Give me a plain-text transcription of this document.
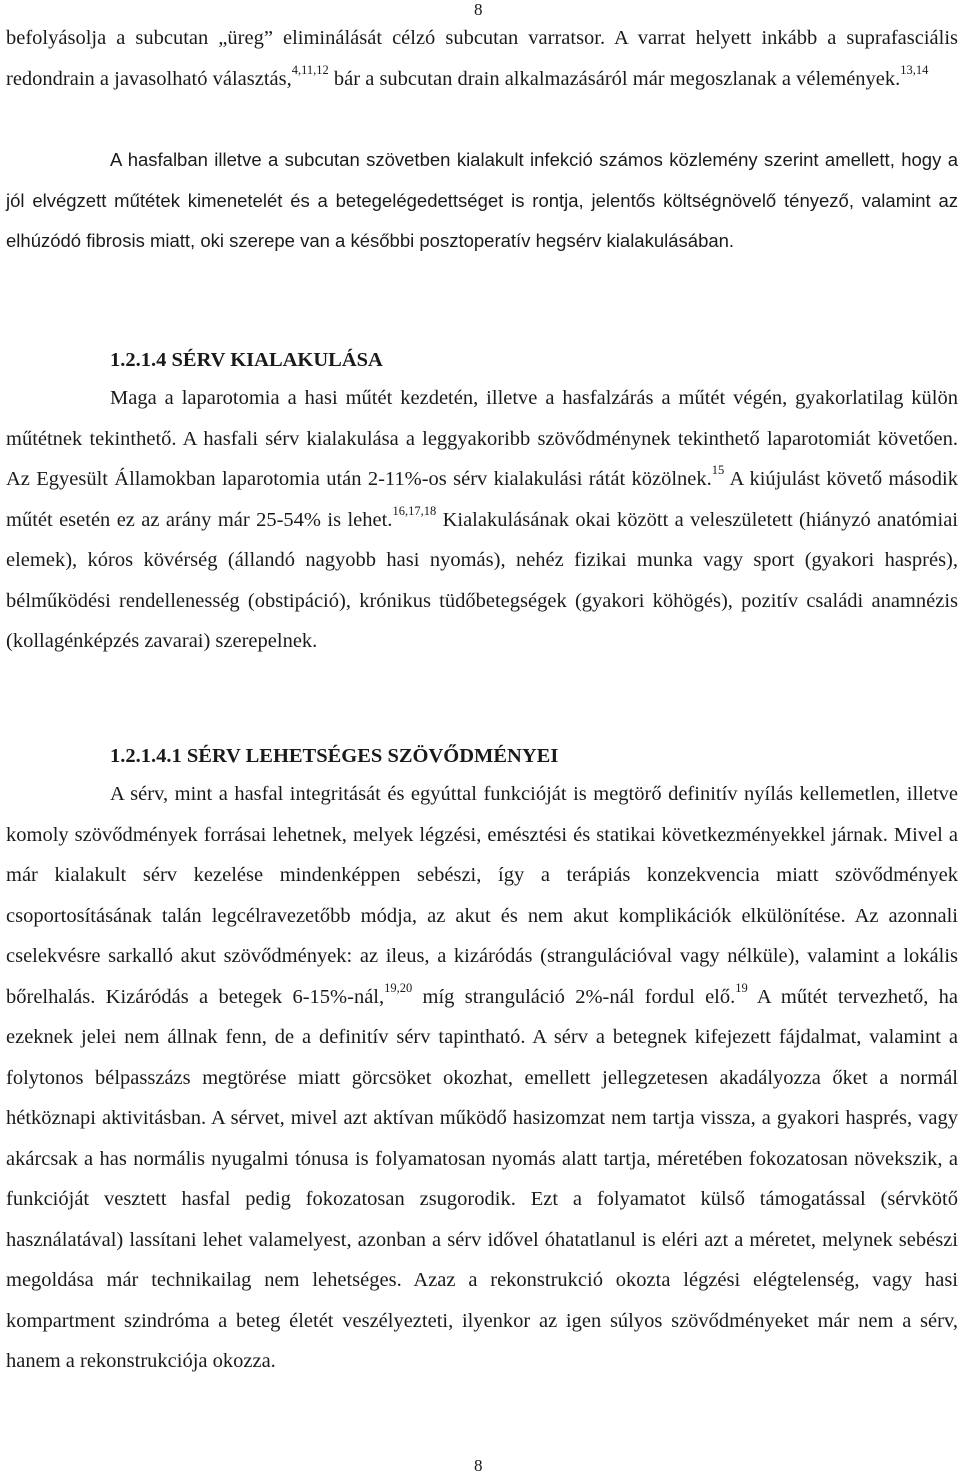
8

befolyásolja a subcutan „üreg” eliminálását célzó subcutan varratsor. A varrat helyett inkább a suprafasciális redondrain a javasolható választás,$^{4,11,12}$ bár a subcutan drain alkalmazásáról már megoszlanak a vélemények.$^{13,14}$

A hasfalban illetve a subcutan szövetben kialakult infekció számos közlemény szerint amellett, hogy a jól elvégzett műtétek kimenetelét és a betegelégedettséget is rontja, jelentős költségnövelő tényező, valamint az elhúzódó fibrosis miatt, oki szerepe van a későbbi posztoperatív hegsérv kialakulásában.

1.2.1.4 SÉRV KIALAKULÁSA

Maga a laparotomia a hasi műtét kezdetén, illetve a hasfalzárás a műtét végén, gyakorlatilag külön műtétnek tekinthető. A hasfali sérv kialakulása a leggyakoribb szövődménynek tekinthető laparotomiát követően. Az Egyesült Államokban laparotomia után 2-11%-os sérv kialakulási rátát közölnek.$^{15}$ A kiújulást követő második műtét esetén ez az arány már 25-54% is lehet.$^{16,17,18}$ Kialakulásának okai között a veleszületett (hiányzó anatómiai elemek), kóros kövérség (állandó nagyobb hasi nyomás), nehéz fizikai munka vagy sport (gyakori hasprés), bélműködési rendellenesség (obstipáció), krónikus tüdőbetegségek (gyakori köhögés), pozitív családi anamnézis (kollagénképzés zavarai) szerepelnek.

1.2.1.4.1 SÉRV LEHETSÉGES SZÖVŐDMÉNYEI

A sérv, mint a hasfal integritását és egyúttal funkcióját is megtörő definitív nyílás kellemetlen, illetve komoly szövődmények forrásai lehetnek, melyek légzési, emésztési és statikai következményekkel járnak. Mivel a már kialakult sérv kezelése mindenképpen sebészi, így a terápiás konzekvencia miatt szövődmények csoportosításának talán legcélravezetőbb módja, az akut és nem akut komplikációk elkülönítése. Az azonnali cselekvésre sarkalló akut szövődmények: az ileus, a kizáródás (strangulációval vagy nélküle), valamint a lokális bőrelhalás. Kizáródás a betegek 6-15%-nál,$^{19,20}$ míg stranguláció 2%-nál fordul elő.$^{19}$ A műtét tervezhető, ha ezeknek jelei nem állnak fenn, de a definitív sérv tapintható. A sérv a betegnek kifejezett fájdalmat, valamint a folytonos bélpasszázs megtörése miatt görcsöket okozhat, emellett jellegzetesen akadályozza őket a normál hétköznapi aktivitásban. A sérvet, mivel azt aktívan működő hasizomzat nem tartja vissza, a gyakori hasprés, vagy akárcsak a has normális nyugalmi tónusa is folyamatosan nyomás alatt tartja, méretében fokozatosan növekszik, a funkcióját vesztett hasfal pedig fokozatosan zsugorodik. Ezt a folyamatot külső támogatással (sérvkötő használatával) lassítani lehet valamelyest, azonban a sérv idővel óhatatlanul is eléri azt a méretet, melynek sebészi megoldása már technikailag nem lehetséges. Azaz a rekonstrukció okozta légzési elégtelenség, vagy hasi kompartment szindróma a beteg életét veszélyezteti, ilyenkor az igen súlyos szövődményeket már nem a sérv, hanem a rekonstrukciója okozza.

8
